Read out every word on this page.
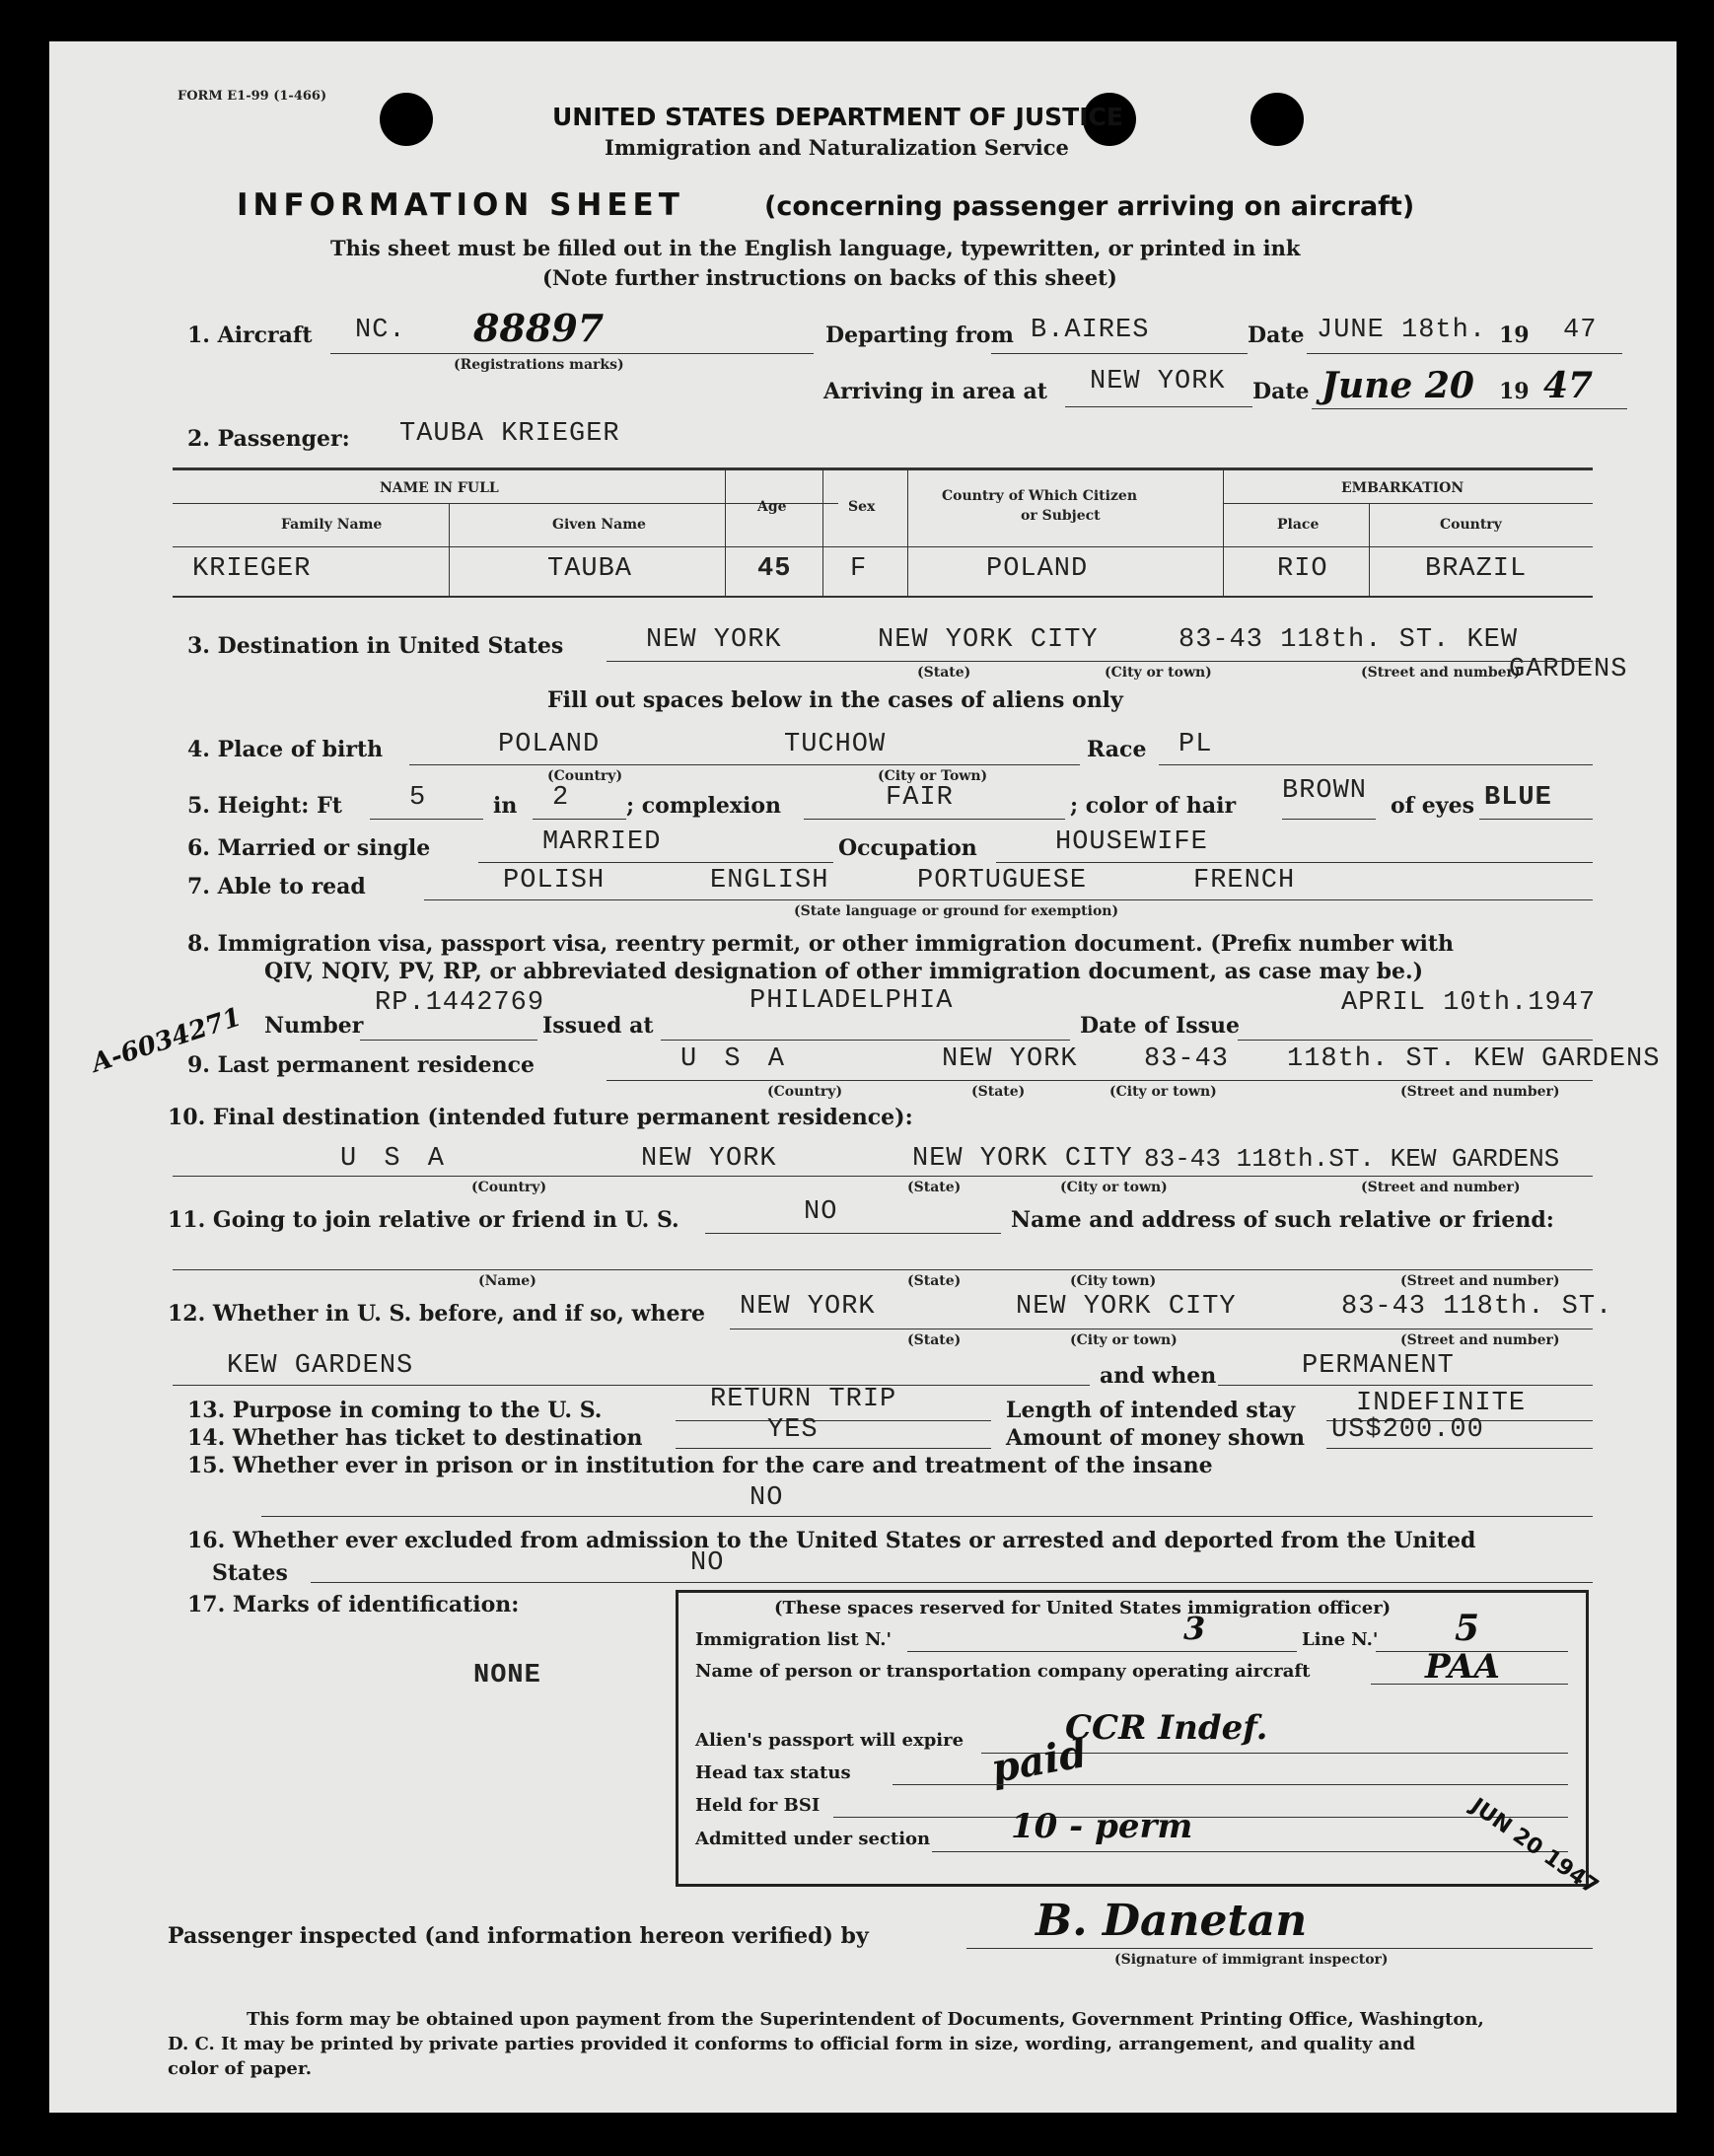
FORM E1-99 (1-466)
UNITED STATES DEPARTMENT OF JUSTICE
Immigration and Naturalization Service
INFORMATION SHEET	(concerning passenger arriving on aircraft)
This sheet must be filled out in the English language, typewritten, or printed in ink
(Note further instructions on backs of this sheet)
1. Aircraft NC. 88897
(Registrations marks)
Departing from B.AIRES	Date JUNE 18th. 19 47
Arriving in area at NEW YORK Date June 20 19 47
2. Passenger: TAUBA KRIEGER
NAME IN FULL
Family Name	Given Name
Age	Sex
Country of Which Citizen
or Subject
EMBARKATION
Place	Country
KRIEGER	TAUBA	45 F	POLAND	RIO	BRAZIL
3. Destination in United States	NEW YORK	NEW YORK CITY	83-43 118th. ST. KEW
GARDENS
(State)	(City or town)	(Street and number)
Fill out spaces below in the cases of aliens only
4. Place of birth	POLAND	TUCHOW
(Country)	(City or Town)
Race PL
5. Height: Ft	5	in 2	; complexion	FAIR	; color of hair BROWN of eyes BLUE
6. Married or single	MARRIED	Occupation	HOUSEWIFE
7. Able to read	POLISH	ENGLISH	PORTUGUESE	FRENCH
(State language or ground for exemption)
8. Immigration visa, passport visa, reentry permit, or other immigration document. (Prefix number with
QIV, NQIV, PV, RP, or abbreviated designation of other immigration document, as case may be.)
A-6034271 Number
RP.1442769
Issued at
PHILADELPHIA
Date of Issue
APRIL 10th.1947
9. Last permanent residence	U S A	NEW YORK 83-43 118th. ST. KEW GARDENS
(Country)	(State)	(City or town)	(Street and number)
10. Final destination (intended future permanent residence):
U S A	NEW YORK	NEW YORK CITY 83-43 118th.ST. KEW GARDENS
(Country)	(State)	(City or town)	(Street and number)
11. Going to join relative or friend in U. S.	NO	Name and address of such relative or friend:
(Name)	(State)	(City town)	(Street and number)
12. Whether in U. S. before, and if so, where NEW YORK	NEW YORK CITY	83-43 118th. ST.
(State)	(City or town)	(Street and number)
KEW GARDENS	and when	PERMANENT
13. Purpose in coming to the U. S.	RETURN TRIP	Length of intended stay INDEFINITE
14. Whether has ticket to destination	YES	Amount of money shown US$200.00
15. Whether ever in prison or in institution for the care and treatment of the insane
NO
16. Whether ever excluded from admission to the United States or arrested and deported from the United
States	NO
17. Marks of identification:
NONE
(These spaces reserved for United States immigration officer)
Immigration list N.'	3	Line N.' 5
Name of person or transportation company operating aircraft	PAA
Alien's passport will expire	CCR Indef.
Head tax status	paid
Held for BSI
Admitted under section 10 - perm	JUN 20 1947
Passenger inspected (and information hereon verified) by	B. Danetan
(Signature of immigrant inspector)
This form may be obtained upon payment from the Superintendent of Documents, Government Printing Office, Washington,
D. C. It may be printed by private parties provided it conforms to official form in size, wording, arrangement, and quality and
color of paper.
